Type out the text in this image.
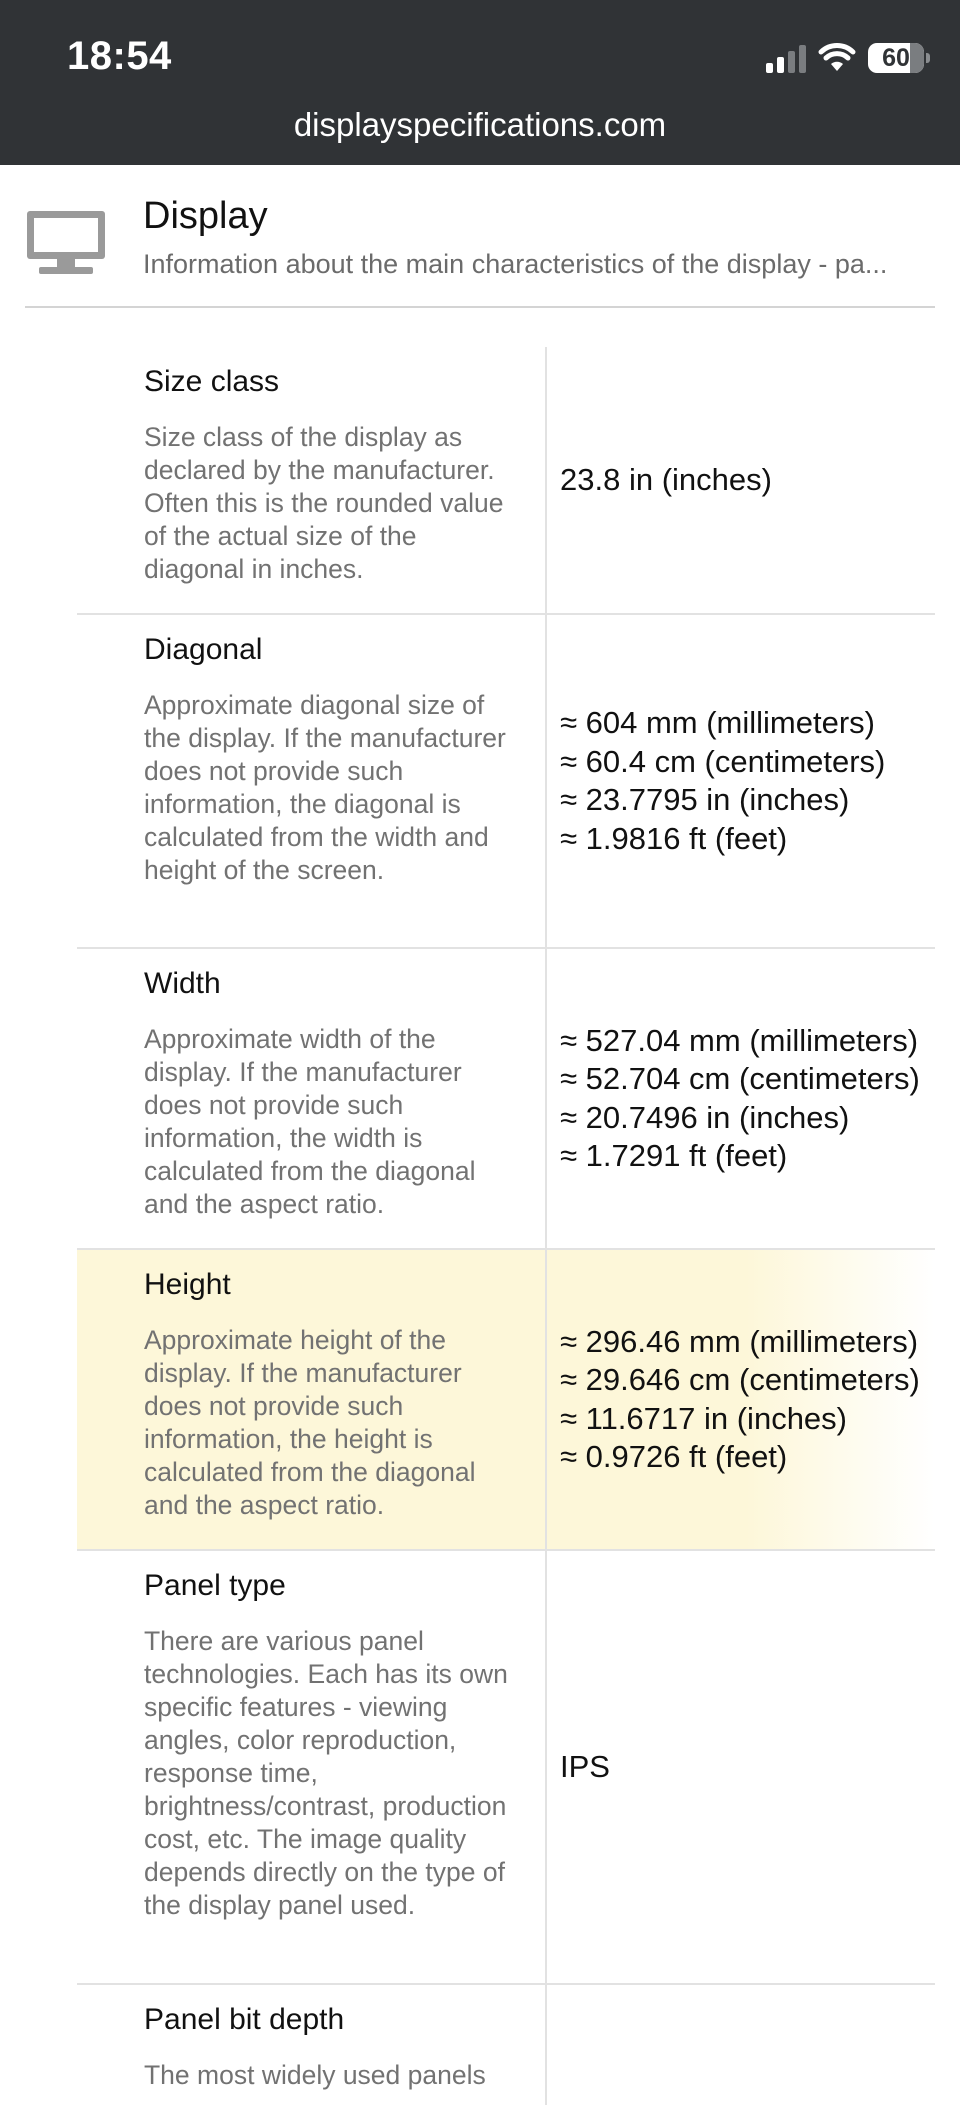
18:54	60
displayspecifications.com
Display
Information about the main characteristics of the display - pa...
Size class
Size class of the display as declared by the manufacturer. Often this is the rounded value of the actual size of the diagonal in inches.
23.8 in (inches)
Diagonal
Approximate diagonal size of the display. If the manufacturer does not provide such information, the diagonal is calculated from the width and height of the screen.
≈ 604 mm (millimeters)
≈ 60.4 cm (centimeters)
≈ 23.7795 in (inches)
≈ 1.9816 ft (feet)
Width
Approximate width of the display. If the manufacturer does not provide such information, the width is calculated from the diagonal and the aspect ratio.
≈ 527.04 mm (millimeters)
≈ 52.704 cm (centimeters)
≈ 20.7496 in (inches)
≈ 1.7291 ft (feet)
Height
Approximate height of the display. If the manufacturer does not provide such information, the height is calculated from the diagonal and the aspect ratio.
≈ 296.46 mm (millimeters)
≈ 29.646 cm (centimeters)
≈ 11.6717 in (inches)
≈ 0.9726 ft (feet)
Panel type
There are various panel technologies. Each has its own specific features - viewing angles, color reproduction, response time, brightness/contrast, production cost, etc. The image quality depends directly on the type of the display panel used.
IPS
Panel bit depth
The most widely used panels
